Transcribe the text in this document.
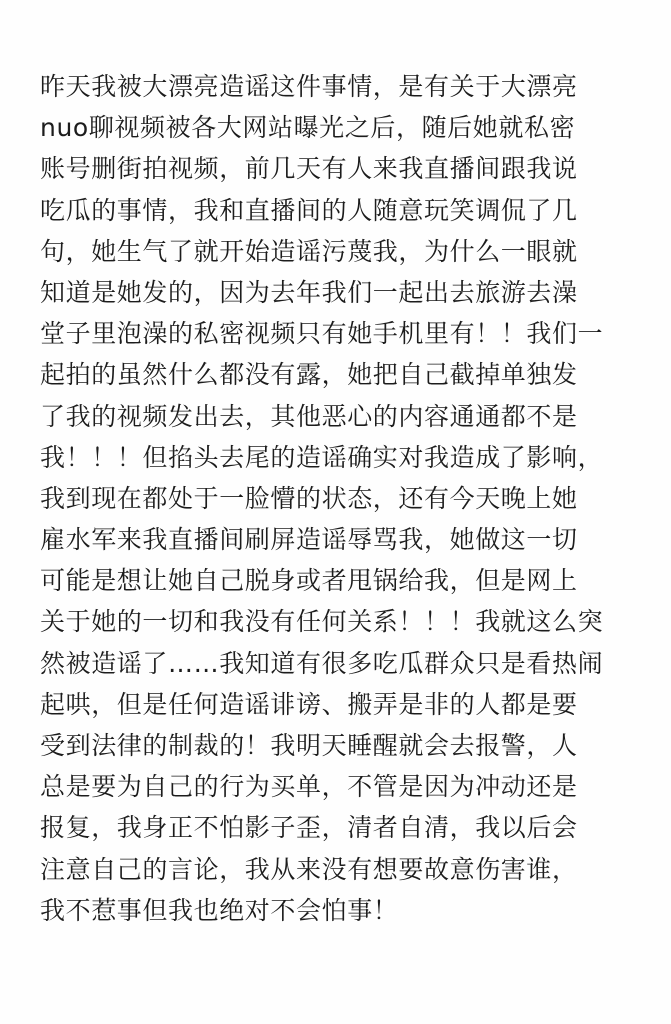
昨天我被大漂亮造谣这件事情，是有关于大漂亮
nuo聊视频被各大网站曝光之后，随后她就私密
账号删街拍视频，前几天有人来我直播间跟我说
吃瓜的事情，我和直播间的人随意玩笑调侃了几
句，她生气了就开始造谣污蔑我，为什么一眼就
知道是她发的，因为去年我们一起出去旅游去澡
堂子里泡澡的私密视频只有她手机里有！！我们一
起拍的虽然什么都没有露，她把自己截掉单独发
了我的视频发出去，其他恶心的内容通通都不是
我！！！但掐头去尾的造谣确实对我造成了影响，
我到现在都处于一脸懵的状态，还有今天晚上她
雇水军来我直播间刷屏造谣辱骂我，她做这一切
可能是想让她自己脱身或者甩锅给我，但是网上
关于她的一切和我没有任何关系！！！我就这么突
然被造谣了……我知道有很多吃瓜群众只是看热闹
起哄，但是任何造谣诽谤、搬弄是非的人都是要
受到法律的制裁的！我明天睡醒就会去报警，人
总是要为自己的行为买单，不管是因为冲动还是
报复，我身正不怕影子歪，清者自清，我以后会
注意自己的言论，我从来没有想要故意伤害谁，
我不惹事但我也绝对不会怕事！
